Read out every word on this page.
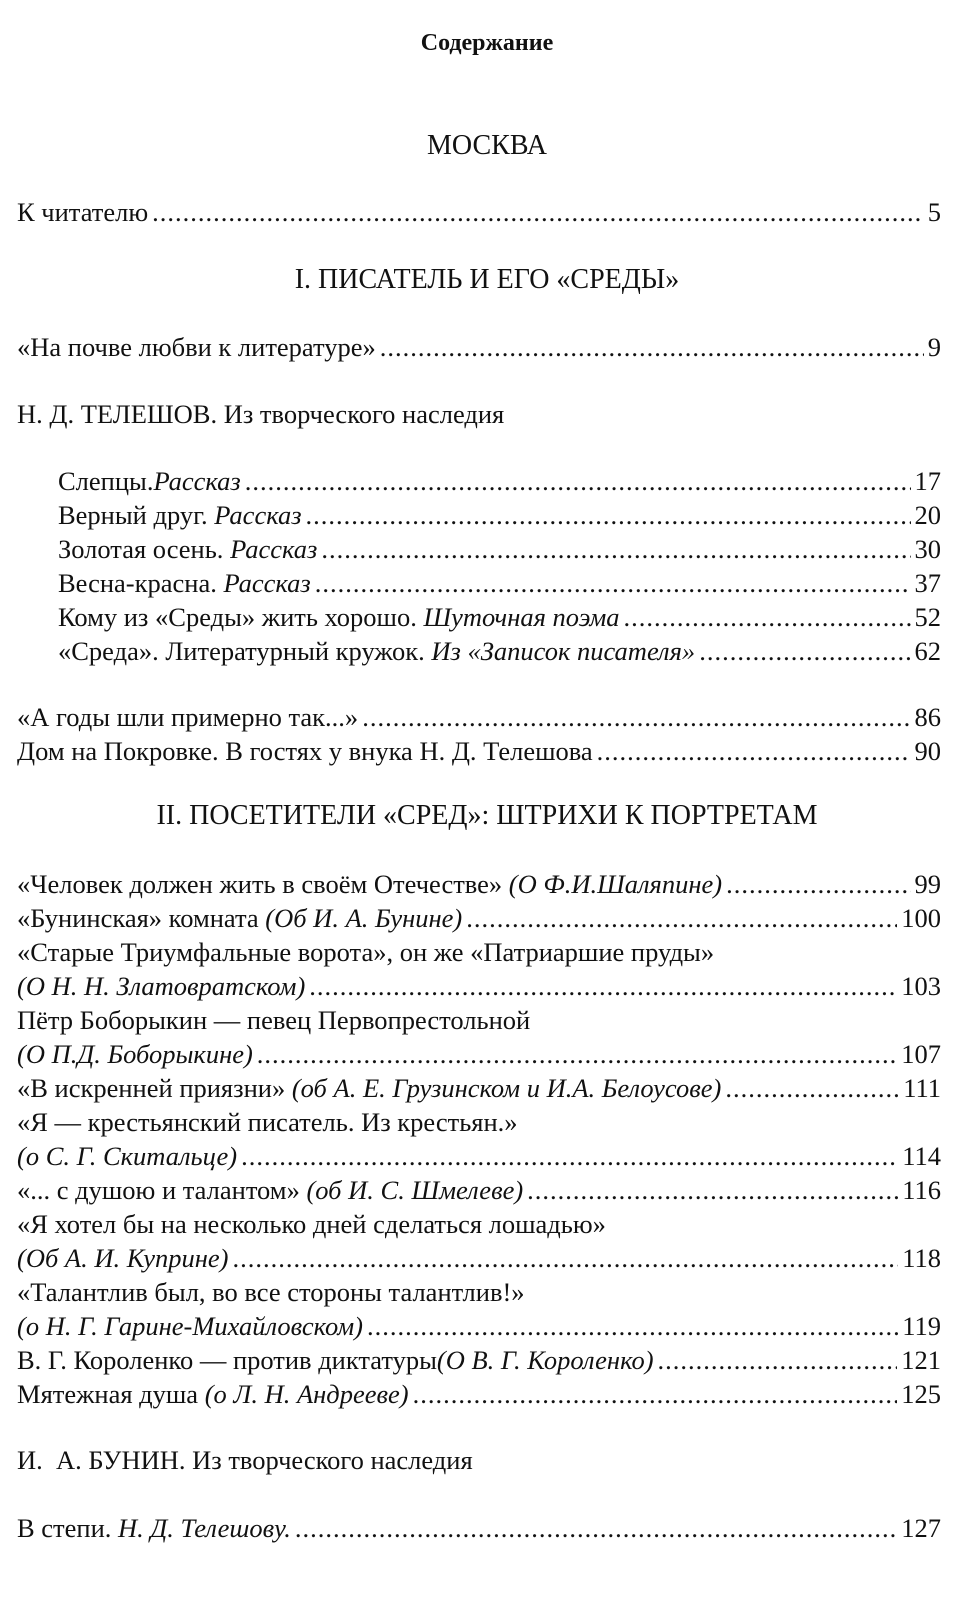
Содержание
МОСКВА
К читателю .....	5
I. ПИСАТЕЛЬ И ЕГО «СРЕДЫ»
«На почве любви к литературе» .....	9
Н. Д. ТЕЛЕШОВ. Из творческого наследия
Слепцы.Рассказ .....	17
Верный друг. Рассказ .....	20
Золотая осень. Рассказ .....	30
Весна-красна. Рассказ .....	37
Кому из «Среды» жить хорошо. Шуточная поэма .....	52
«Среда». Литературный кружок. Из «Записок писателя» .....	62
«А годы шли примерно так...» .....	86
Дом на Покровке. В гостях у внука Н. Д. Телешова .....	90
II. ПОСЕТИТЕЛИ «СРЕД»: ШТРИХИ К ПОРТРЕТАМ
«Человек должен жить в своём Отечестве» (О Ф.И.Шаляпине) .....	99
«Бунинская» комната (Об И. А. Бунине) .....	100
«Старые Триумфальные ворота», он же «Патриаршие пруды»
(О Н. Н. Златовратском) .....	103
Пётр Боборыкин — певец Первопрестольной
(О П.Д. Боборыкине) .....	107
«В искренней приязни» (об А. Е. Грузинском и И.А. Белоусове) .....	111
«Я — крестьянский писатель. Из крестьян.»
(о С. Г. Скитальце) .....	114
«... с душою и талантом» (об И. С. Шмелеве) .....	116
«Я хотел бы на несколько дней сделаться лошадью»
(Об А. И. Куприне) .....	118
«Талантлив был, во все стороны талантлив!»
(о Н. Г. Гарине-Михайловском) .....	119
В. Г. Короленко — против диктатуры(О В. Г. Короленко) .....	121
Мятежная душа (о Л. Н. Андрееве) .....	125
И.  А. БУНИН. Из творческого наследия
В степи. Н. Д. Телешову. .....	127
